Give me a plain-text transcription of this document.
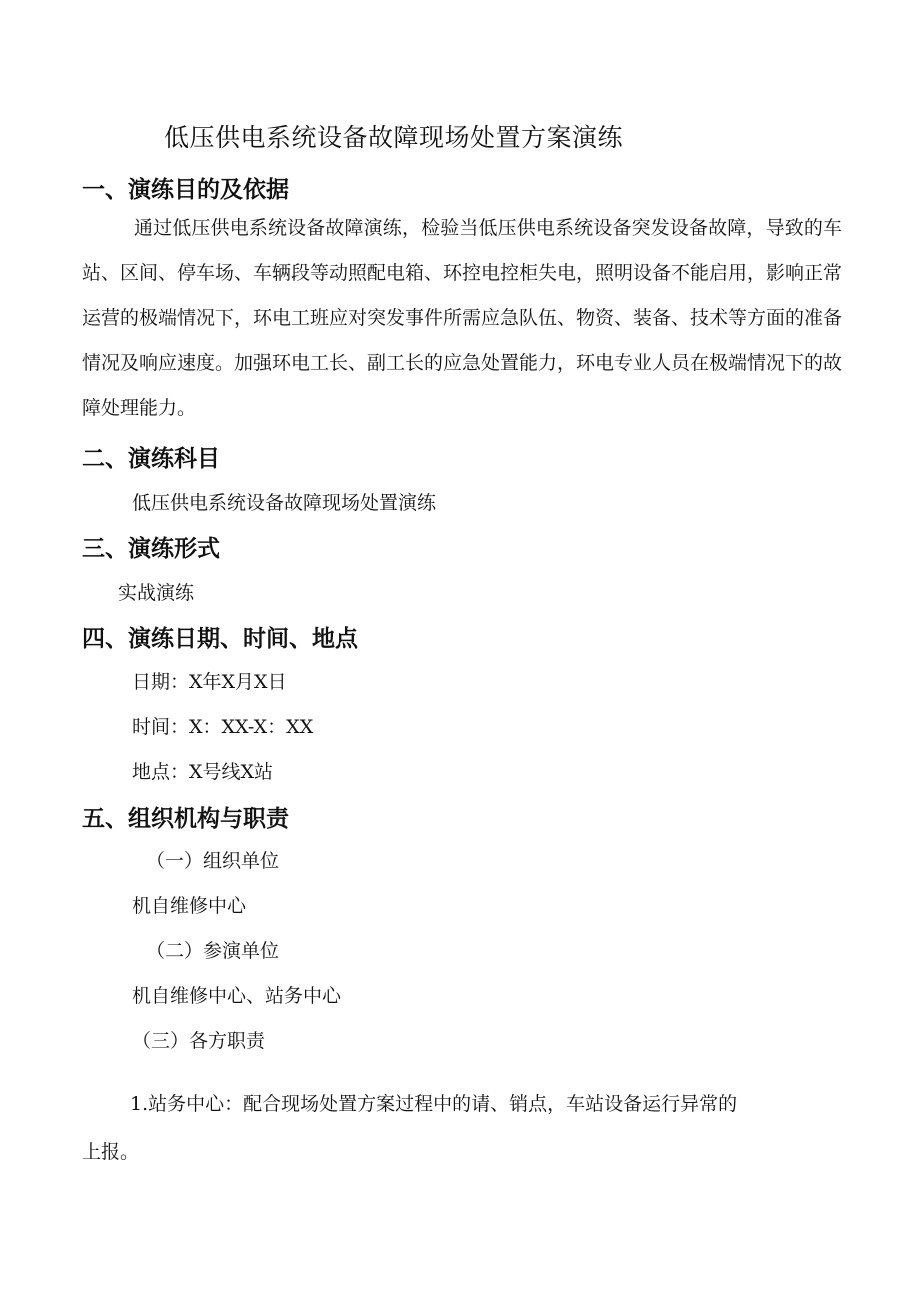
低压供电系统设备故障现场处置方案演练
一、演练目的及依据
通过低压供电系统设备故障演练，检验当低压供电系统设备突发设备故障，导致的车站、区间、停车场、车辆段等动照配电箱、环控电控柜失电，照明设备不能启用，影响正常运营的极端情况下，环电工班应对突发事件所需应急队伍、物资、装备、技术等方面的准备情况及响应速度。加强环电工长、副工长的应急处置能力，环电专业人员在极端情况下的故障处理能力。
二、演练科目
低压供电系统设备故障现场处置演练
三、演练形式
实战演练
四、演练日期、时间、地点
日期：X年X月X日
时间：X：XX-X：XX
地点：X号线X站
五、组织机构与职责
（一）组织单位
机自维修中心
（二）参演单位
机自维修中心、站务中心
（三）各方职责
1.站务中心：配合现场处置方案过程中的请、销点，车站设备运行异常的上报。
